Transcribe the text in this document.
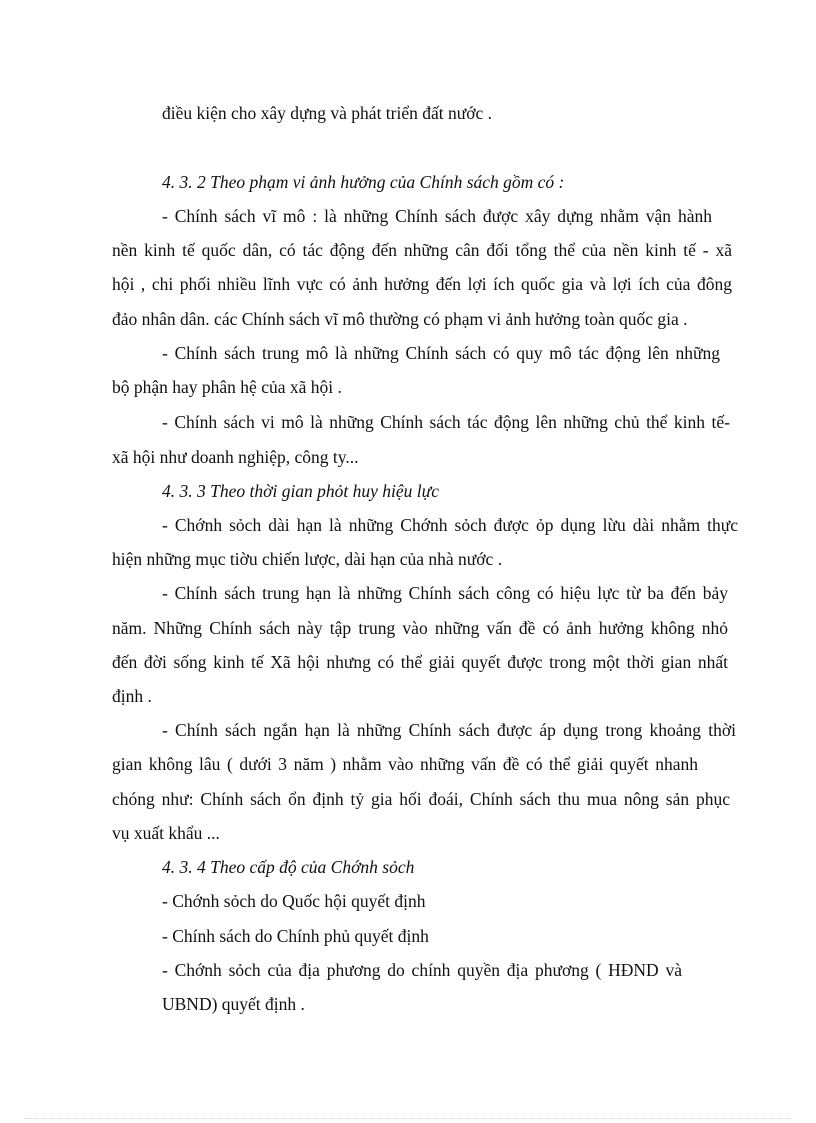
điều kiện cho xây dựng và phát triển đất nước .

4. 3. 2 Theo phạm vi ảnh hưởng của Chính sách gồm có :

- Chính sách vĩ mô : là những Chính sách được xây dựng nhằm vận hành

nền kinh tế quốc dân, có tác động đến những cân đối tổng thể của nền kinh tế - xã

hội , chi phối nhiều lĩnh vực có ảnh hưởng đến lợi ích quốc gia và lợi ích của đông

đảo nhân dân. các Chính sách vĩ mô thường có phạm vi ảnh hưởng toàn quốc gia .

- Chính sách trung mô là những Chính sách có quy mô tác động lên những

bộ phận hay phân hệ của xã hội .

- Chính sách vi mô là những Chính sách tác động lên những chủ thể kinh tế-

xã hội như doanh nghiệp, công ty...

4. 3. 3 Theo thời gian phỏt huy hiệu lực

- Chớnh sỏch dài hạn là những Chớnh sỏch được ỏp dụng lừu dài nhằm thực

hiện những mục tiờu chiến lược, dài hạn của nhà nước .

- Chính sách trung hạn là những Chính sách công có hiệu lực từ ba đến bảy

năm. Những Chính sách này tập trung vào những vấn đề có ảnh hưởng không nhỏ

đến đời sống kinh tế Xã hội nhưng có thể giải quyết được trong một thời gian nhất

định .

- Chính sách ngắn hạn là những Chính sách được áp dụng trong khoảng thời

gian không lâu ( dưới 3 năm ) nhằm vào những vấn đề có thể giải quyết nhanh

chóng như: Chính sách ổn định tỷ gia hối đoái, Chính sách thu mua nông sản phục

vụ xuất khẩu ...

4. 3. 4 Theo cấp độ của Chớnh sỏch

- Chớnh sỏch do Quốc hội quyết định

- Chính sách do Chính phủ quyết định

- Chớnh sỏch của địa phương do chính quyền địa phương ( HĐND và

UBND) quyết định .
